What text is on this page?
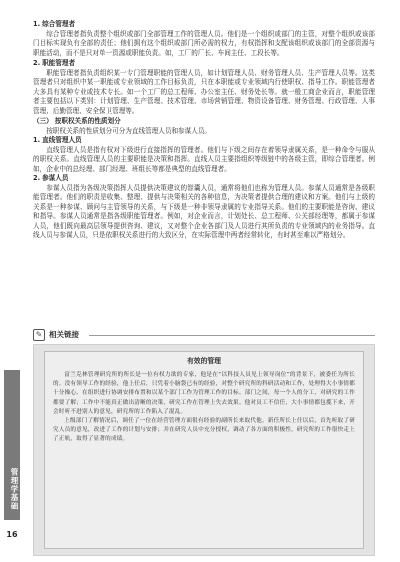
管理学基础
16

1. 综合管理者

综合管理者指负责整个组织或部门全部管理工作的管理人员。他们是一个组织或部门的主管，对整个组织或该部门目标实现负有全部的责任；他们拥有这个组织或部门所必需的权力，有权指挥和支配该组织或该部门的全部资源与职能活动，而不是只对单一资源或职能负责。如，工厂的厂长、车间主任、工段长等。

2. 职能管理者

职能管理者指负责组织某一专门管理职能的管理人员，如计划管理人员、财务管理人员、生产管理人员等。这类管理者只对组织中某一职能或专业领域的工作目标负责，只在本职能或专业领域内行使职权、指导工作。职能管理者大多具有某种专业或技术专长。如一个工厂的总工程师、办公室主任、财务处长等。就一般工商企业而言，职能管理者主要包括以下类别：计划管理、生产管理、技术管理、市场营销管理、物资设备管理、财务管理、行政管理、人事管理、后勤管理、安全保卫管理等。

（三） 按职权关系的性质划分

按职权关系的性质划分可分为直线管理人员和参谋人员。

1. 直线管理人员

直线管理人员是指有权对下级进行直接指挥的管理者。他们与下级之间存在着领导隶属关系，是一种命令与服从的职权关系。直线管理人员的主要职能是决策和指挥。直线人员主要指组织等级链中的各级主管，即综合管理者。例如，企业中的总经理、部门经理、班组长等都是典型的直线管理者。

2. 参谋人员

参谋人员指为各级决策指挥人员提供决策建议的智囊人员，通常将他们也称为管理人员。参谋人员通常是各级职能管理者。他们的职责是收集、整理、提供与决策相关的各种信息，为决策者提供合理的建议和方案。他们与上级的关系是一种参谋、顾问与主管领导的关系，与下级是一种非领导隶属的专业指导关系。他们的主要职能是咨询、建议和指导。参谋人员通常是指各级职能管理者。例如，对企业而言，计划处长、总工程师、公关部经理等，都属于参谋人员，他们既向最高层领导提供咨询、建议，又对整个企业各部门及人员进行其所负责的专业领域内的业务指导。直线人员与参谋人员，只是依职权关系进行的大致区分，在实际管理中两者经常转化，有时甚至难以严格划分。

✎ 相关链接

有效的管理

富兰克林管理研究所的所长是一位有权力欲的专家，他是在“以科技人员见上领导岗位”的背景下，被委任为所长的。没有领导工作的经验，他上任后，只凭着小脑袋已有的经验，对整个研究所的科研活动和工作，处理得大小事情都十分操心、在组织进行协调安排布置和以某个部门工作为管理工作的目标。部门之间，每一个人的分工，对研究的工作都要了解；工作中不能真正做出清晰的决策，研究工作在管理上失去效果。他对员工不信任，大小事情都包揽下来，开会时听不进别人的意见，研究所的工作陷入了混乱。

上级部门了解情况后，调任了一位在经营管理方面很有经验的副所长来取代他。新任所长上任以后，首先听取了研究人员的意见，改进了工作的计划与安排；并在研究人员中充分授权，调动了各方面的积极性，研究所的工作很快走上了正轨，取得了显著的成绩。
